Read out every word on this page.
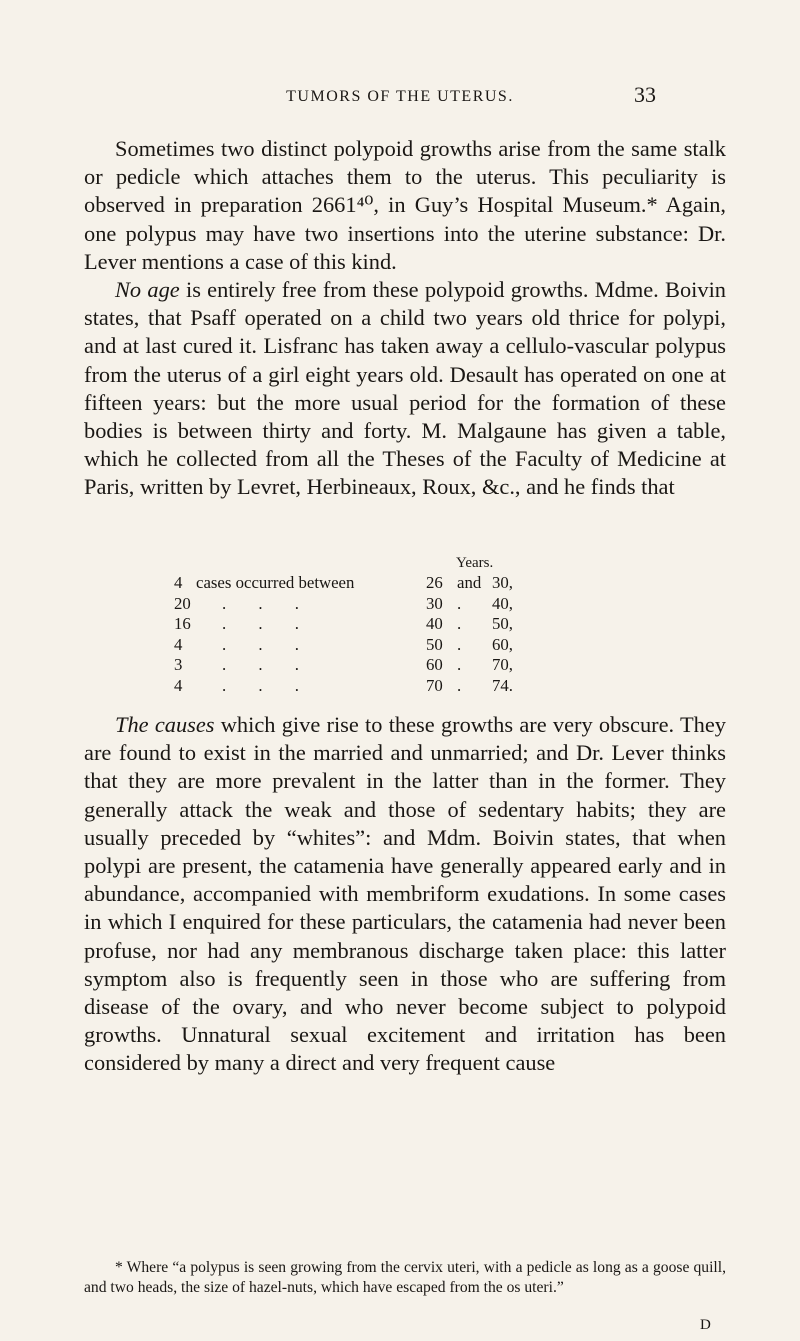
TUMORS OF THE UTERUS.	33

Sometimes two distinct polypoid growths arise from the same stalk or pedicle which attaches them to the uterus. This peculiarity is observed in preparation 2661⁴⁰, in Guy’s Hospital Museum.* Again, one polypus may have two insertions into the uterine substance: Dr. Lever mentions a case of this kind.

No age is entirely free from these polypoid growths. Mdme. Boivin states, that Psaff operated on a child two years old thrice for polypi, and at last cured it. Lisfranc has taken away a cellulo-vascular polypus from the uterus of a girl eight years old. Desault has operated on one at fifteen years: but the more usual period for the formation of these bodies is between thirty and forty. M. Malgaune has given a table, which he collected from all the Theses of the Faculty of Medicine at Paris, written by Levret, Herbineaux, Roux, &c., and he finds that

Years.
4 cases occurred between	26 and 30,
20 . . .	30 . 40,
16 . . .	40 . 50,
4 . . .	50 . 60,
3 . . .	60 . 70,
4 . . .	70 . 74.

The causes which give rise to these growths are very obscure. They are found to exist in the married and unmarried; and Dr. Lever thinks that they are more prevalent in the latter than in the former. They generally attack the weak and those of sedentary habits; they are usually preceded by “whites”: and Mdm. Boivin states, that when polypi are present, the catamenia have generally appeared early and in abundance, accompanied with membriform exudations. In some cases in which I enquired for these particulars, the catamenia had never been profuse, nor had any membranous discharge taken place: this latter symptom also is frequently seen in those who are suffering from disease of the ovary, and who never become subject to polypoid growths. Unnatural sexual excitement and irritation has been considered by many a direct and very frequent cause

* Where “a polypus is seen growing from the cervix uteri, with a pedicle as long as a goose quill, and two heads, the size of hazel-nuts, which have escaped from the os uteri.”

D
